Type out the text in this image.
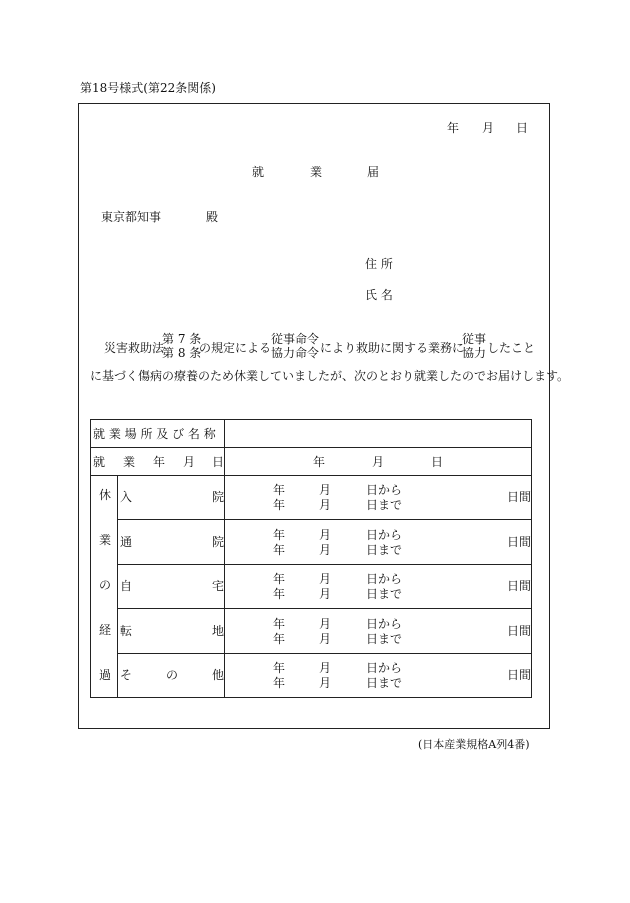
第18号様式(第22条関係)
年 月 日
就	業	届
東京都知事	殿
住 所
氏 名
災害救助法
第 7 条
第 8 条
の規定による
従事命令
協力命令 により救助に関する業務に
従事
協力 したこと
に基づく傷病の療養のため休業していましたが、次のとおり就業したのでお届けします。
就 業 場 所 及 び 名 称
就 業 年 月 日	年	月	日
休
業
の
経
過
入	院	年	月	日から
年	月	日まで
日間
通	院	年	月	日から
年	月	日まで
日間
自	宅	年	月	日から
年	月	日まで
日間
転	地	年	月	日から
年	月	日まで
日間
そ	の	他	年	月	日から
年	月	日まで
日間
(日本産業規格A列4番)
